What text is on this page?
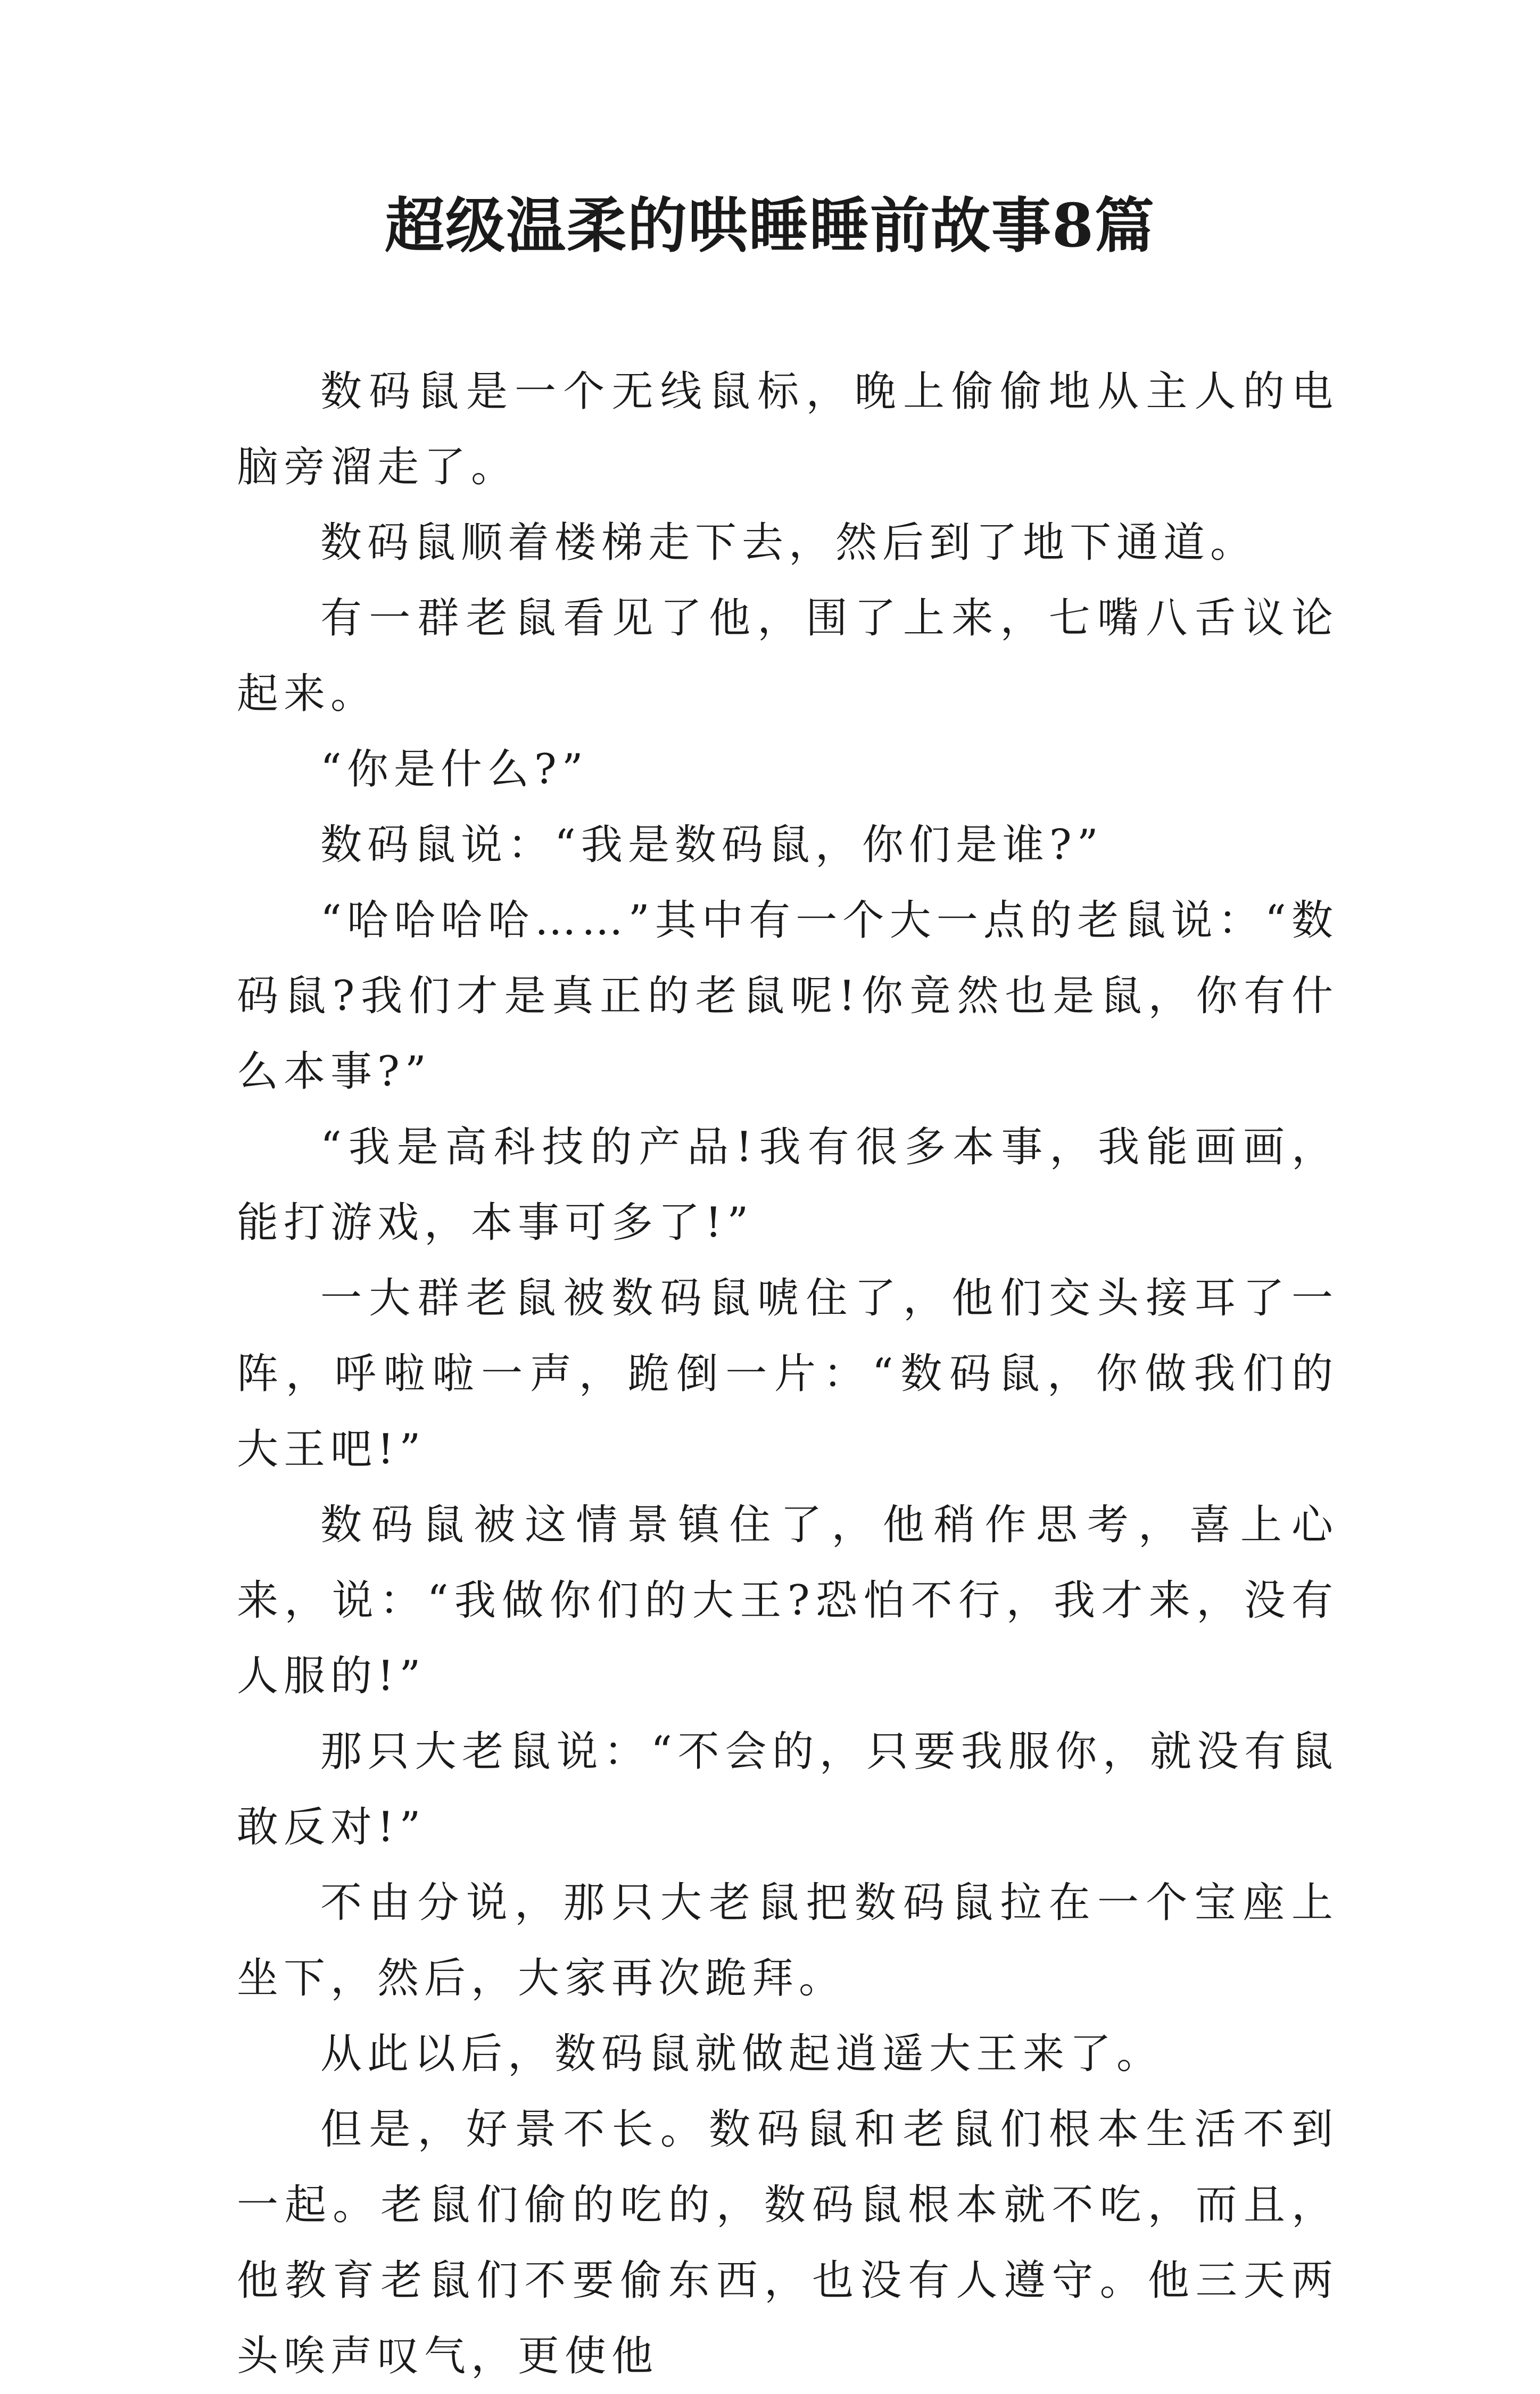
超级温柔的哄睡睡前故事8篇

数码鼠是一个无线鼠标，晚上偷偷地从主人的电脑旁溜走了。

数码鼠顺着楼梯走下去，然后到了地下通道。

有一群老鼠看见了他，围了上来，七嘴八舌议论起来。

“你是什么?”

数码鼠说：“我是数码鼠，你们是谁?”

“哈哈哈哈……”其中有一个大一点的老鼠说：“数码鼠?我们才是真正的老鼠呢!你竟然也是鼠，你有什么本事?”

“我是高科技的产品!我有很多本事，我能画画，能打游戏，本事可多了!”

一大群老鼠被数码鼠唬住了，他们交头接耳了一阵，呼啦啦一声，跪倒一片：“数码鼠，你做我们的大王吧!”

数码鼠被这情景镇住了，他稍作思考，喜上心来，说：“我做你们的大王?恐怕不行，我才来，没有人服的!”

那只大老鼠说：“不会的，只要我服你，就没有鼠敢反对!”

不由分说，那只大老鼠把数码鼠拉在一个宝座上坐下，然后，大家再次跪拜。

从此以后，数码鼠就做起逍遥大王来了。

但是，好景不长。数码鼠和老鼠们根本生活不到一起。老鼠们偷的吃的，数码鼠根本就不吃，而且，他教育老鼠们不要偷东西，也没有人遵守。他三天两头唉声叹气，更使他
